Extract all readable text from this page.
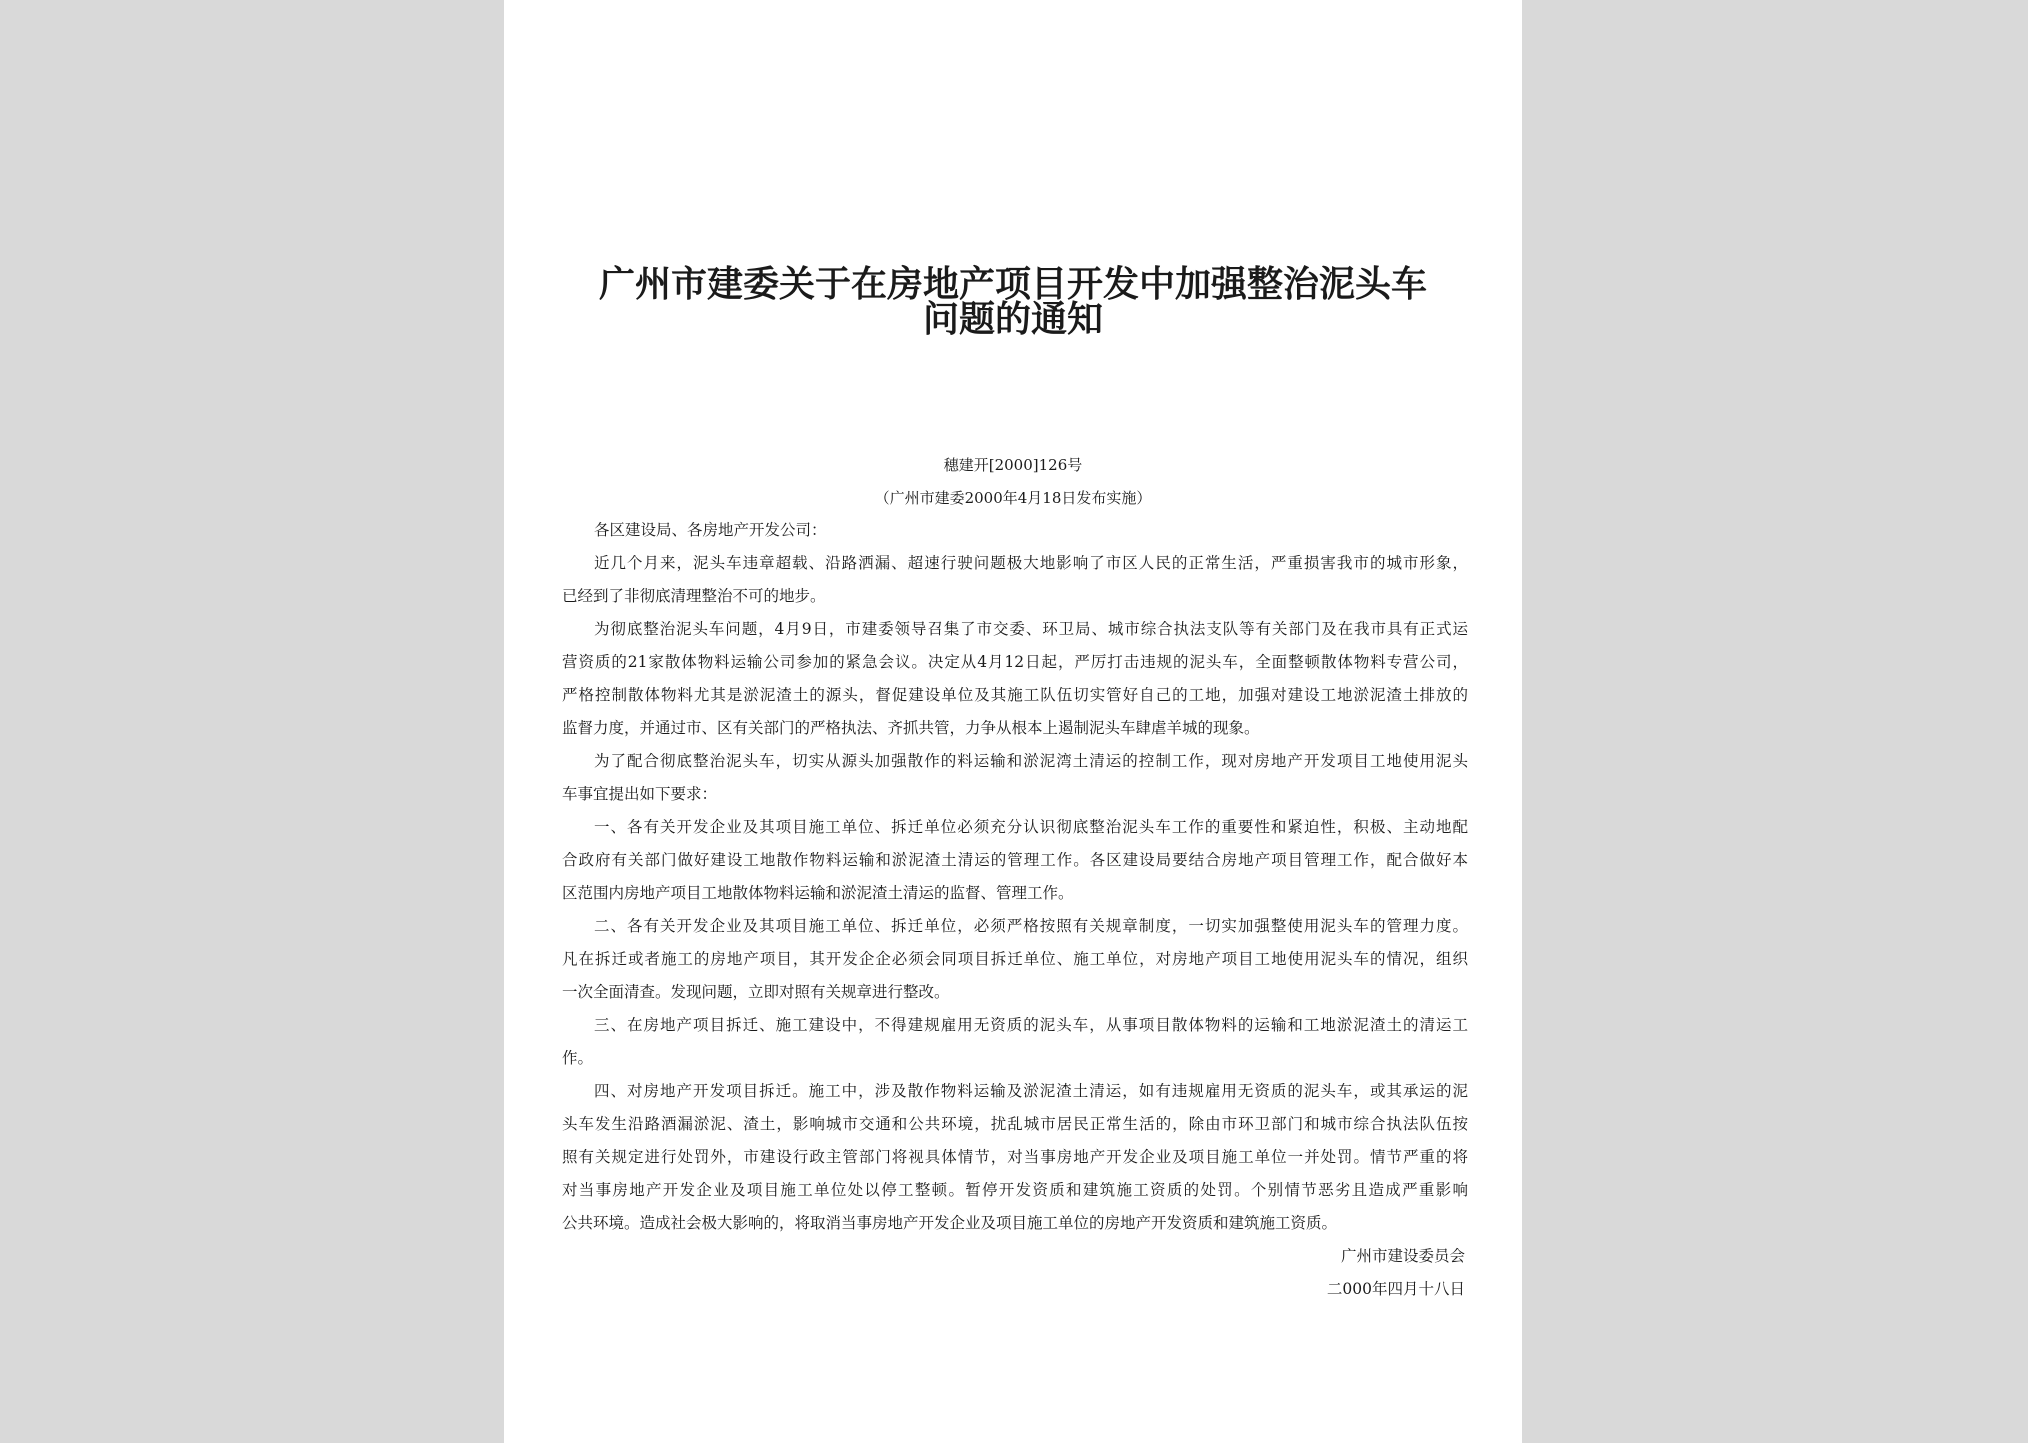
广州市建委关于在房地产项目开发中加强整治泥头车
问题的通知
穗建开[2000]126号
（广州市建委2000年4月18日发布实施）
各区建设局、各房地产开发公司：
近几个月来，泥头车违章超载、沿路洒漏、超速行驶问题极大地影响了市区人民的正常生活，严重损害我市的城市形象，
已经到了非彻底清理整治不可的地步。
为彻底整治泥头车问题，4月9日，市建委领导召集了市交委、环卫局、城市综合执法支队等有关部门及在我市具有正式运
营资质的21家散体物料运输公司参加的紧急会议。决定从4月12日起，严厉打击违规的泥头车，全面整顿散体物料专营公司，
严格控制散体物料尤其是淤泥渣土的源头，督促建设单位及其施工队伍切实管好自己的工地，加强对建设工地淤泥渣土排放的
监督力度，并通过市、区有关部门的严格执法、齐抓共管，力争从根本上遏制泥头车肆虐羊城的现象。
为了配合彻底整治泥头车，切实从源头加强散作的料运输和淤泥湾土清运的控制工作，现对房地产开发项目工地使用泥头
车事宜提出如下要求：
一、各有关开发企业及其项目施工单位、拆迁单位必须充分认识彻底整治泥头车工作的重要性和紧迫性，积极、主动地配
合政府有关部门做好建设工地散作物料运输和淤泥渣土清运的管理工作。各区建设局要结合房地产项目管理工作，配合做好本
区范围内房地产项目工地散体物料运输和淤泥渣土清运的监督、管理工作。
二、各有关开发企业及其项目施工单位、拆迁单位，必须严格按照有关规章制度，一切实加强整使用泥头车的管理力度。
凡在拆迁或者施工的房地产项目，其开发企企必须会同项目拆迁单位、施工单位，对房地产项目工地使用泥头车的情况，组织
一次全面清查。发现问题，立即对照有关规章进行整改。
三、在房地产项目拆迁、施工建设中，不得建规雇用无资质的泥头车，从事项目散体物料的运输和工地淤泥渣土的清运工
作。
四、对房地产开发项目拆迁。施工中，涉及散作物料运输及淤泥渣土清运，如有违规雇用无资质的泥头车，或其承运的泥
头车发生沿路酒漏淤泥、渣土，影响城市交通和公共环境，扰乱城市居民正常生活的，除由市环卫部门和城市综合执法队伍按
照有关规定进行处罚外，市建设行政主管部门将视具体情节，对当事房地产开发企业及项目施工单位一并处罚。情节严重的将
对当事房地产开发企业及项目施工单位处以停工整顿。暂停开发资质和建筑施工资质的处罚。个别情节恶劣且造成严重影响
公共环境。造成社会极大影响的，将取消当事房地产开发企业及项目施工单位的房地产开发资质和建筑施工资质。
广州市建设委员会
二000年四月十八日
